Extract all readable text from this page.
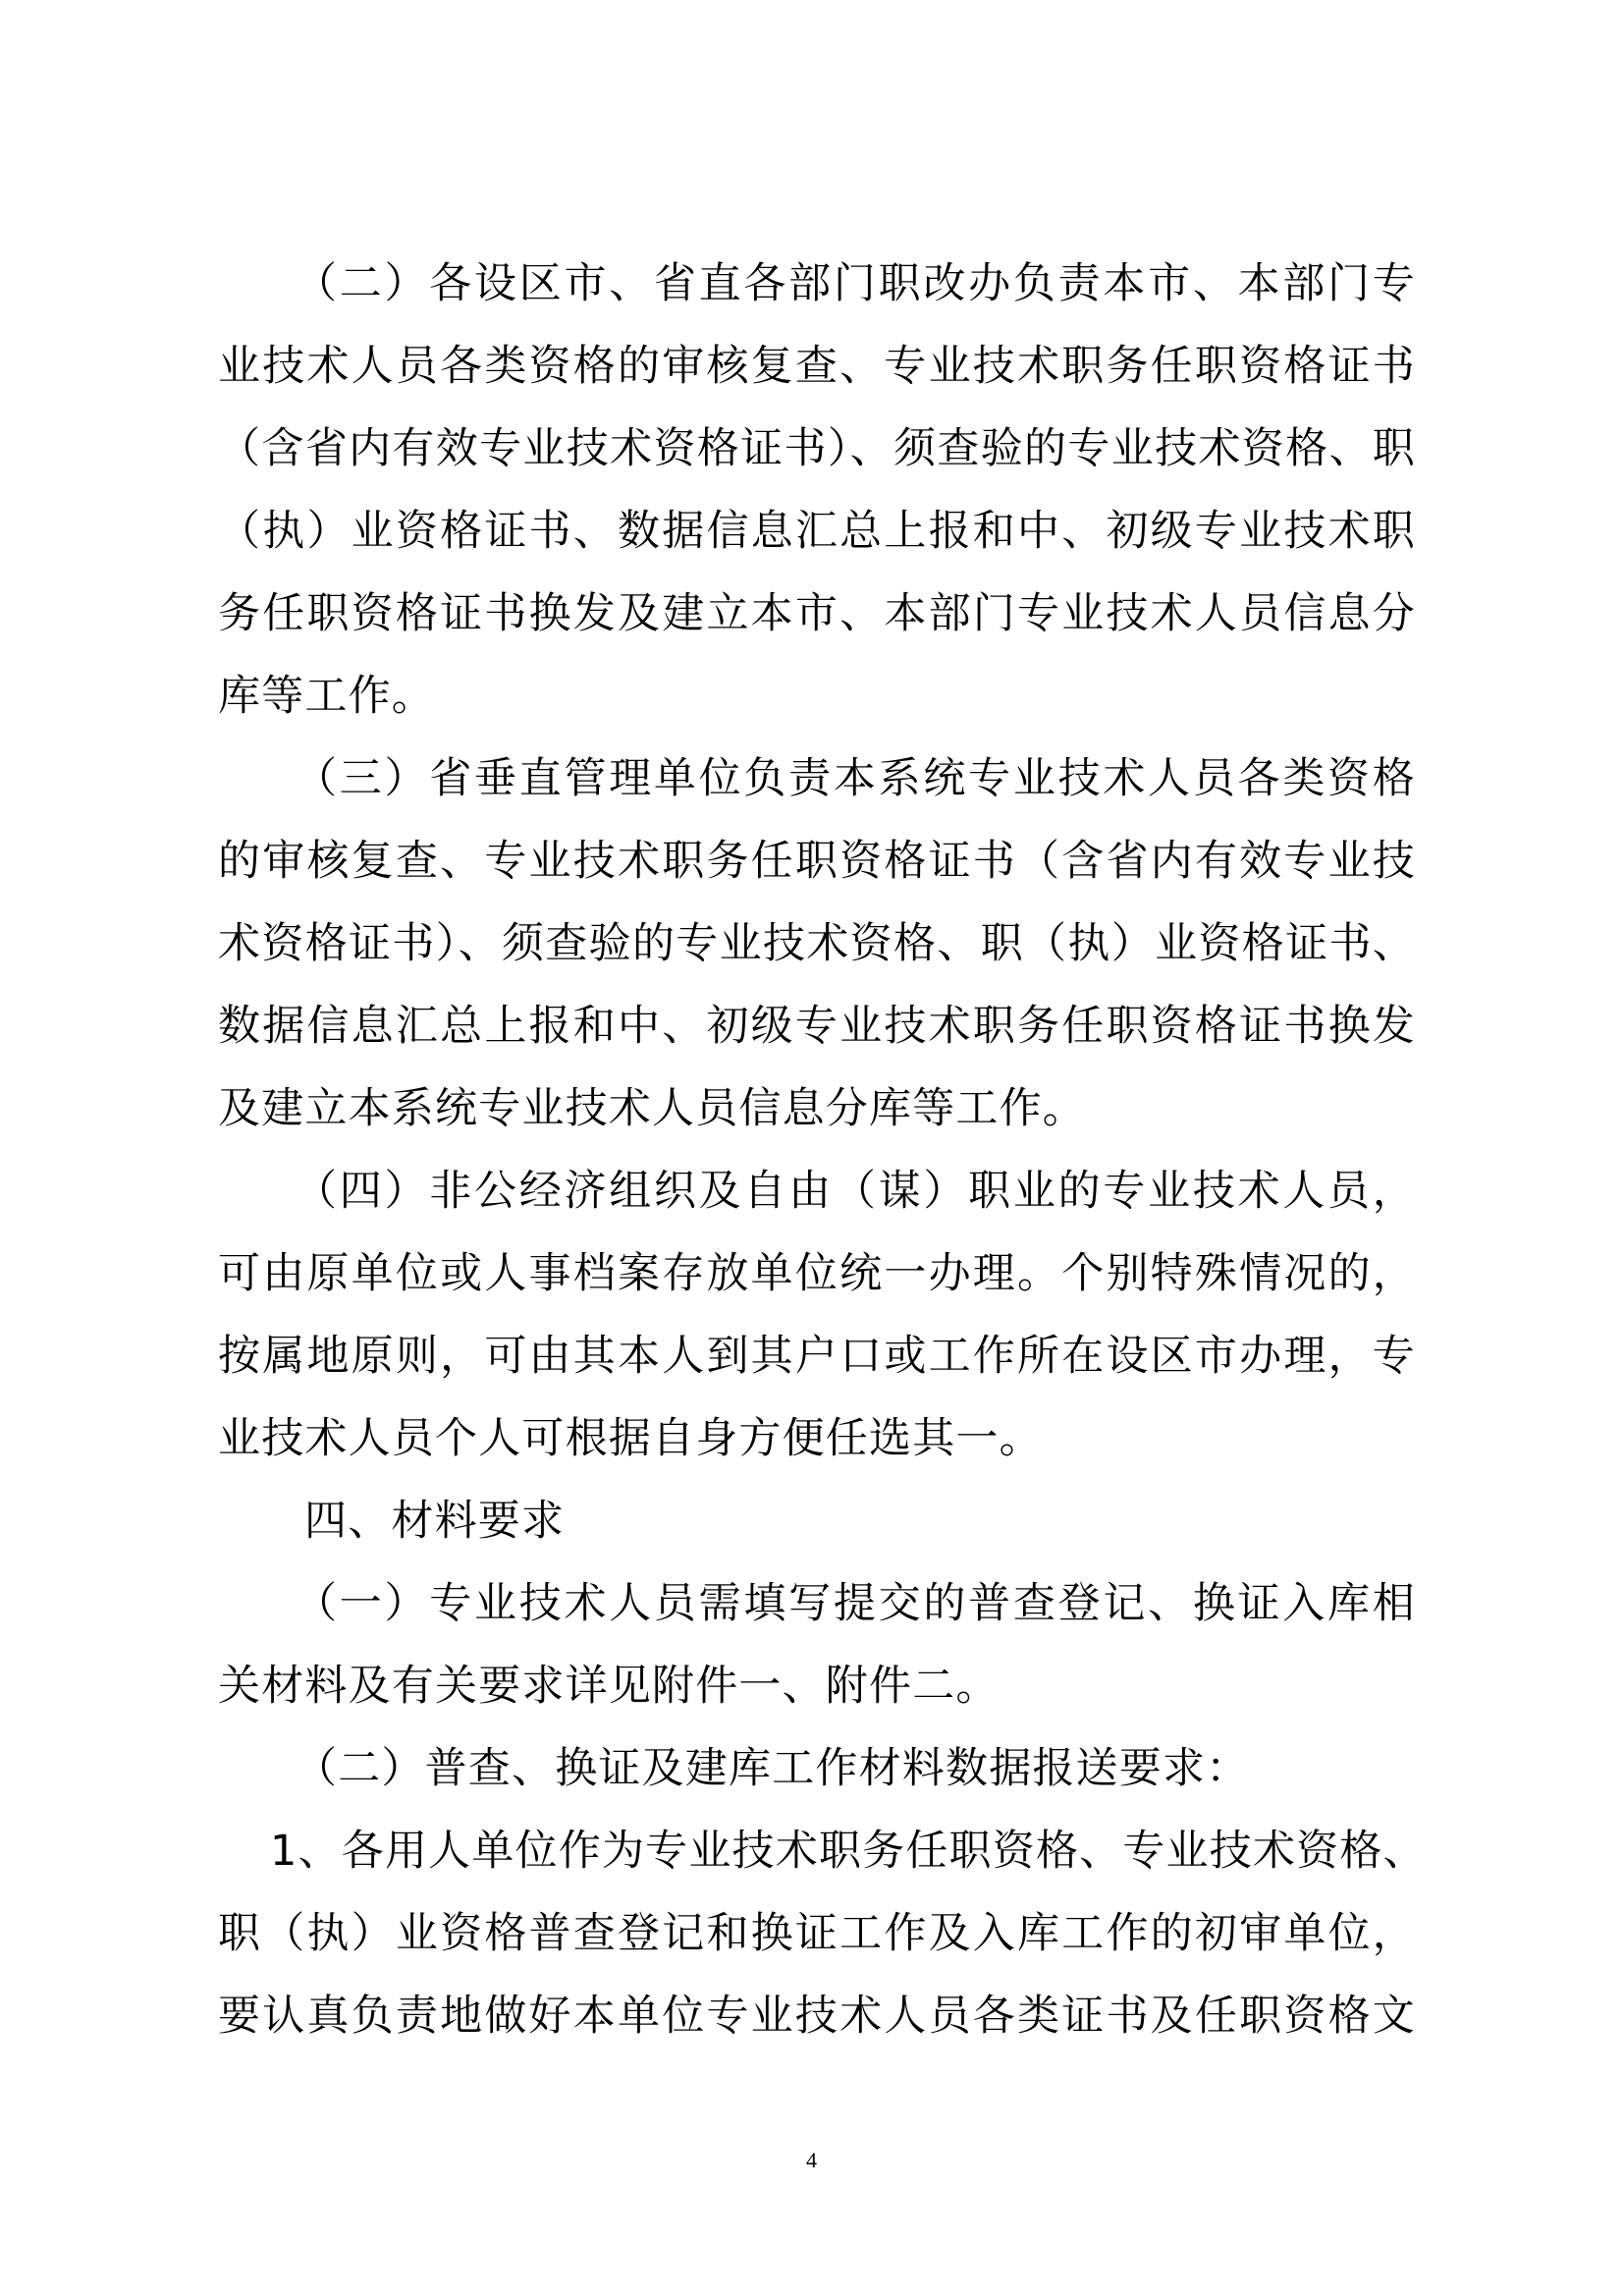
（二）各设区市、省直各部门职改办负责本市、本部门专
业技术人员各类资格的审核复查、专业技术职务任职资格证书
（含省内有效专业技术资格证书）、须查验的专业技术资格、职
（执）业资格证书、数据信息汇总上报和中、初级专业技术职
务任职资格证书换发及建立本市、本部门专业技术人员信息分
库等工作。
（三）省垂直管理单位负责本系统专业技术人员各类资格
的审核复查、专业技术职务任职资格证书（含省内有效专业技
术资格证书）、须查验的专业技术资格、职（执）业资格证书、
数据信息汇总上报和中、初级专业技术职务任职资格证书换发
及建立本系统专业技术人员信息分库等工作。
（四）非公经济组织及自由（谋）职业的专业技术人员，
可由原单位或人事档案存放单位统一办理。个别特殊情况的，
按属地原则，可由其本人到其户口或工作所在设区市办理，专
业技术人员个人可根据自身方便任选其一。
四、材料要求
（一）专业技术人员需填写提交的普查登记、换证入库相
关材料及有关要求详见附件一、附件二。
（二）普查、换证及建库工作材料数据报送要求：
1、各用人单位作为专业技术职务任职资格、专业技术资格、
职（执）业资格普查登记和换证工作及入库工作的初审单位，
要认真负责地做好本单位专业技术人员各类证书及任职资格文
4
